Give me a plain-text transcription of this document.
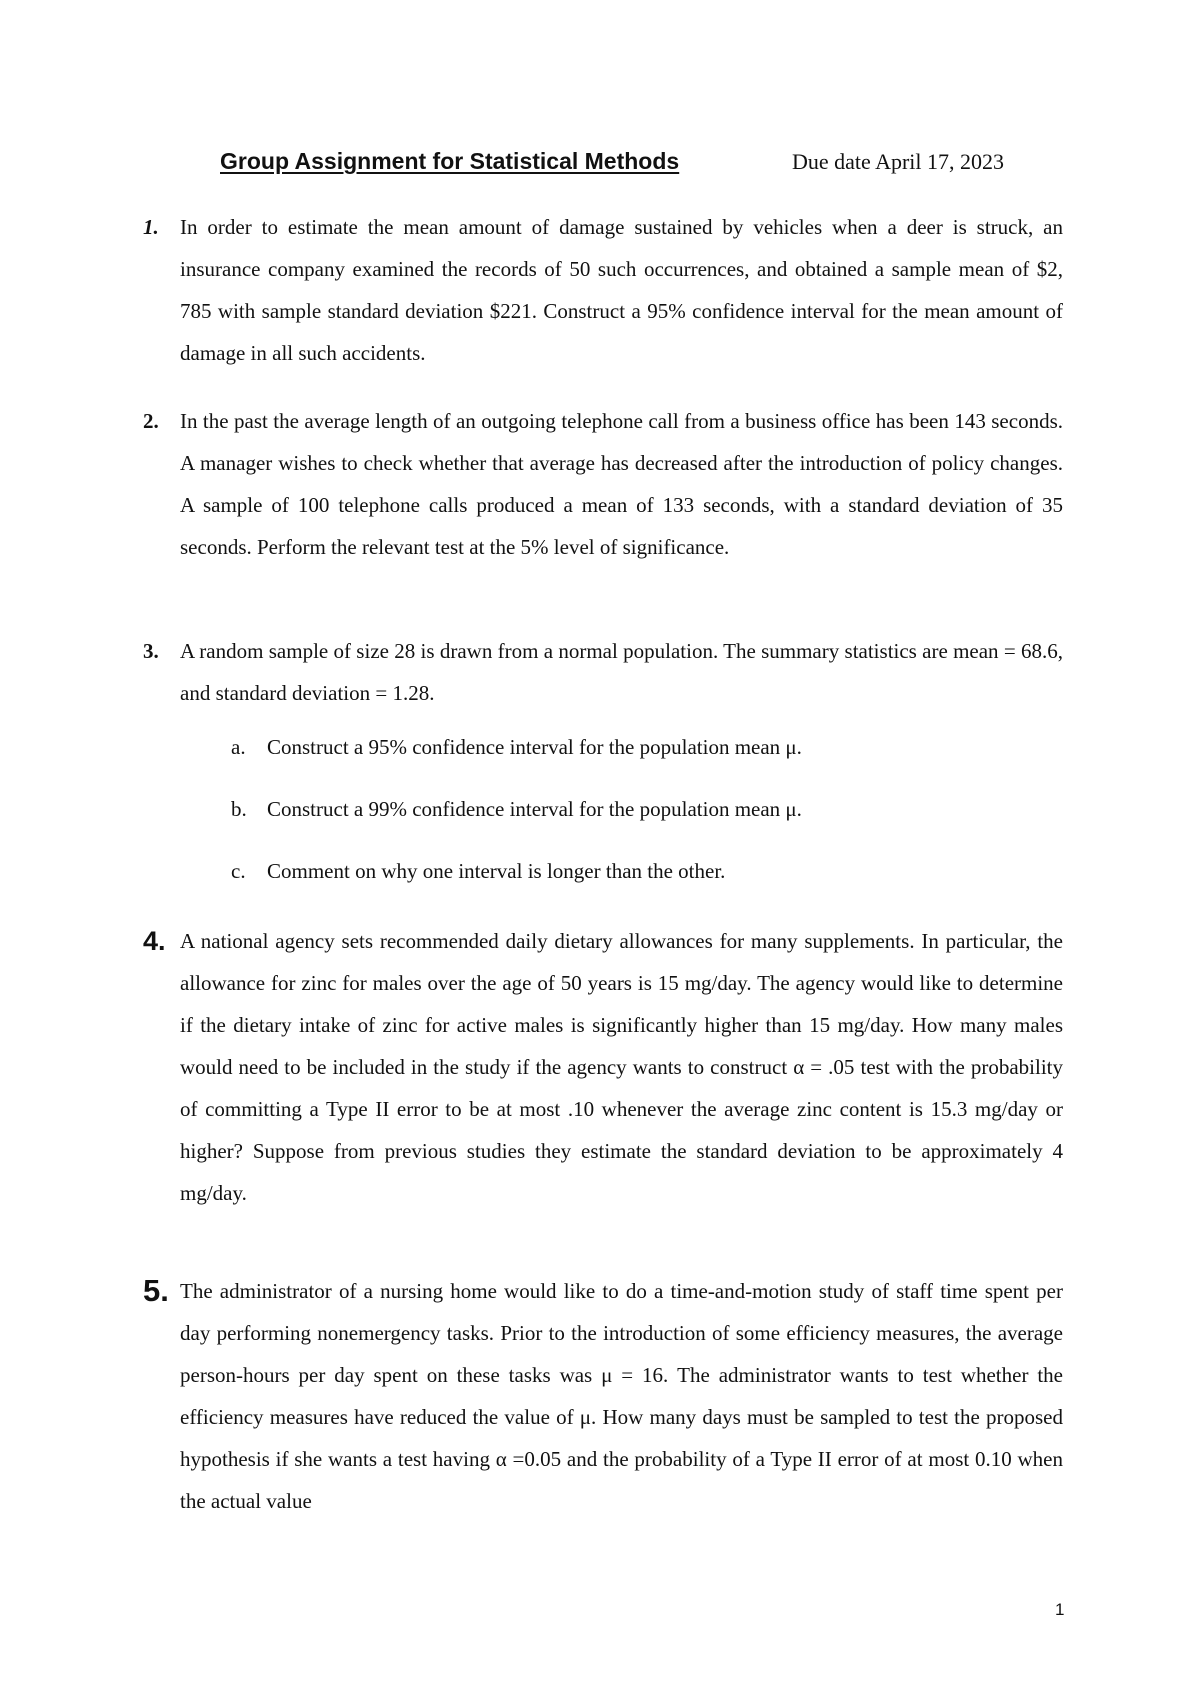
Group Assignment for Statistical Methods	Due date April 17, 2023
1. In order to estimate the mean amount of damage sustained by vehicles when a deer is struck, an insurance company examined the records of 50 such occurrences, and obtained a sample mean of $2, 785 with sample standard deviation $221. Construct a 95% confidence interval for the mean amount of damage in all such accidents.
2. In the past the average length of an outgoing telephone call from a business office has been 143 seconds. A manager wishes to check whether that average has decreased after the introduction of policy changes. A sample of 100 telephone calls produced a mean of 133 seconds, with a standard deviation of 35 seconds. Perform the relevant test at the 5% level of significance.
3. A random sample of size 28 is drawn from a normal population. The summary statistics are mean = 68.6, and standard deviation = 1.28.
a. Construct a 95% confidence interval for the population mean μ.
b. Construct a 99% confidence interval for the population mean μ.
c. Comment on why one interval is longer than the other.
4. A national agency sets recommended daily dietary allowances for many supplements. In particular, the allowance for zinc for males over the age of 50 years is 15 mg/day. The agency would like to determine if the dietary intake of zinc for active males is significantly higher than 15 mg/day. How many males would need to be included in the study if the agency wants to construct α = .05 test with the probability of committing a Type II error to be at most .10 whenever the average zinc content is 15.3 mg/day or higher? Suppose from previous studies they estimate the standard deviation to be approximately 4 mg/day.
5. The administrator of a nursing home would like to do a time-and-motion study of staff time spent per day performing nonemergency tasks. Prior to the introduction of some efficiency measures, the average person-hours per day spent on these tasks was μ = 16. The administrator wants to test whether the efficiency measures have reduced the value of μ. How many days must be sampled to test the proposed hypothesis if she wants a test having α =0.05 and the probability of a Type II error of at most 0.10 when the actual value
1
